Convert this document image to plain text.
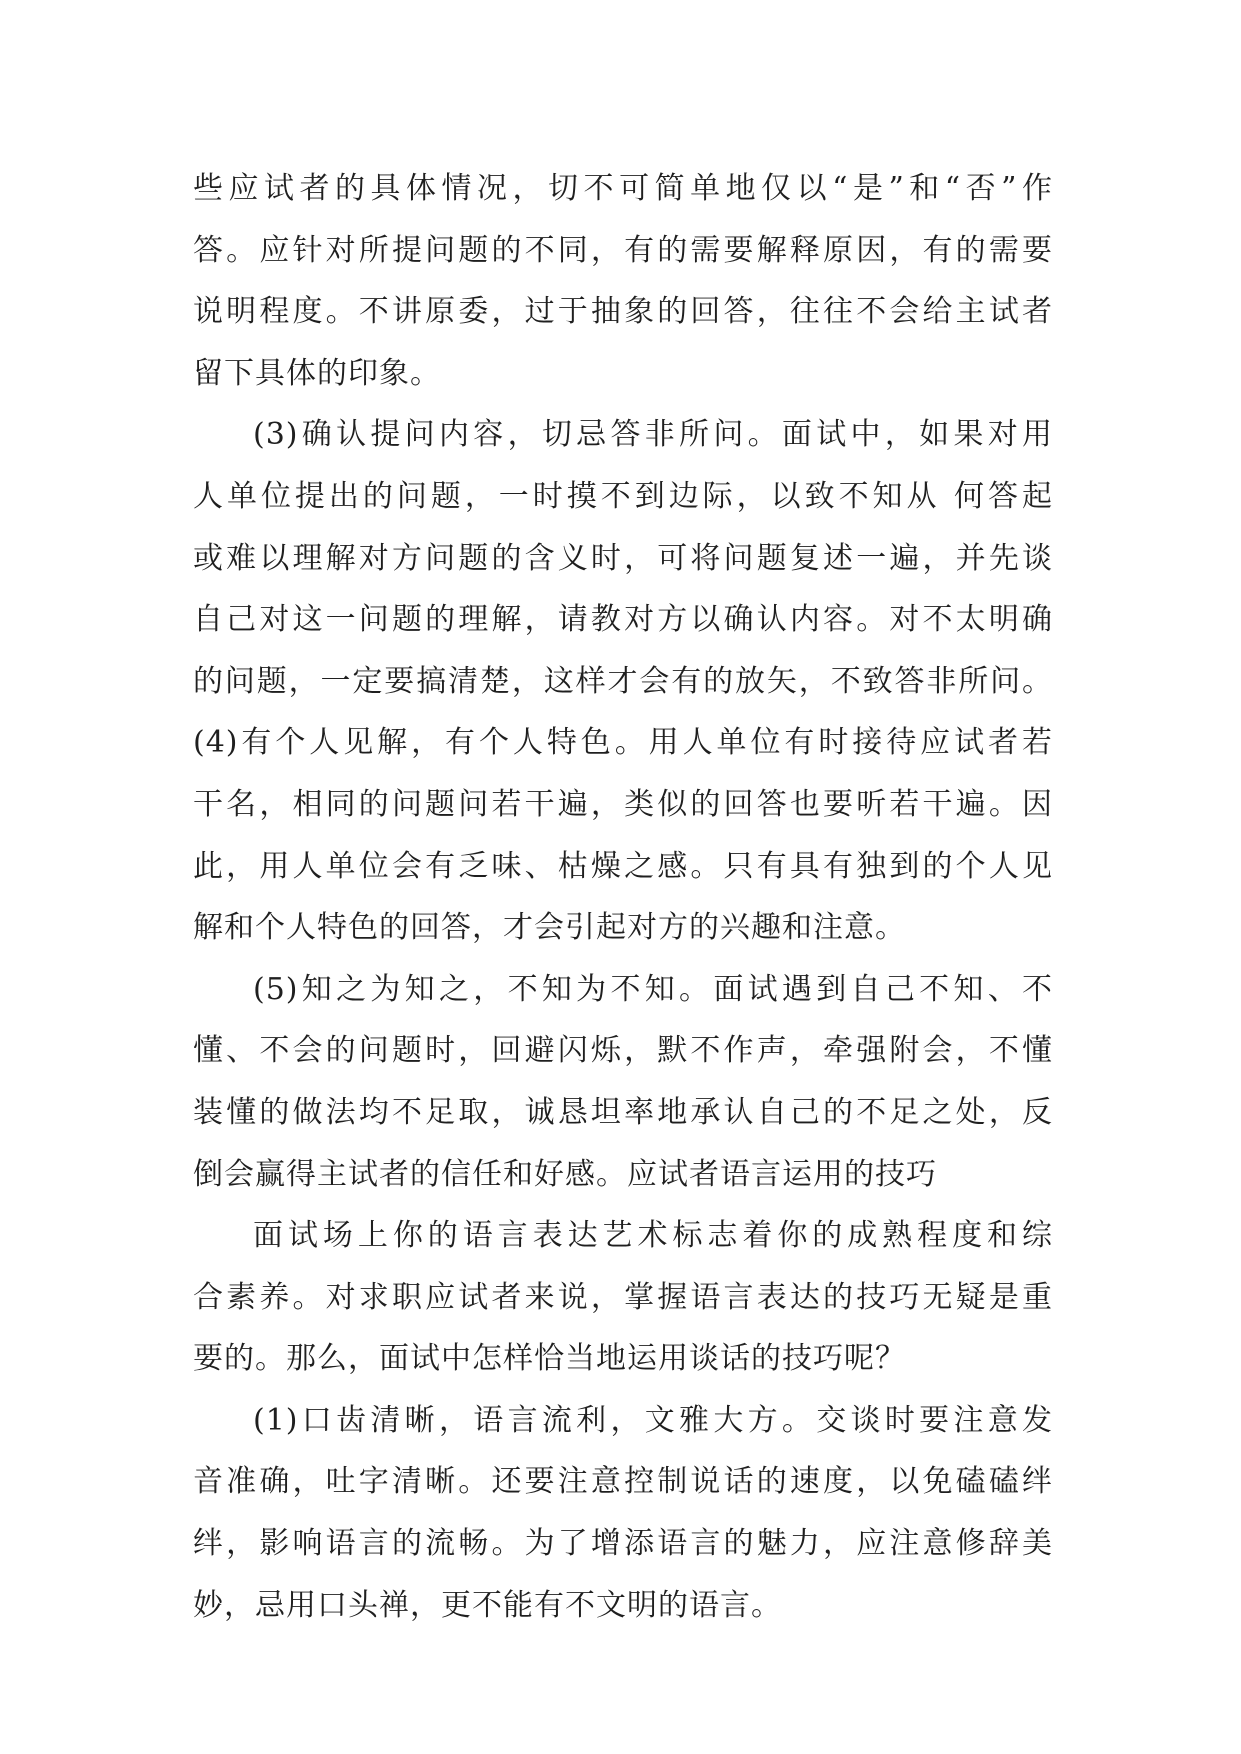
些应试者的具体情况，切不可简单地仅以“是”和“否”作
答。应针对所提问题的不同，有的需要解释原因，有的需要
说明程度。不讲原委，过于抽象的回答，往往不会给主试者
留下具体的印象。
(3)确认提问内容，切忌答非所问。面试中，如果对用
人单位提出的问题，一时摸不到边际，以致不知从 何答起
或难以理解对方问题的含义时，可将问题复述一遍，并先谈
自己对这一问题的理解，请教对方以确认内容。对不太明确
的问题，一定要搞清楚，这样才会有的放矢，不致答非所问。
(4)有个人见解，有个人特色。用人单位有时接待应试者若
干名，相同的问题问若干遍，类似的回答也要听若干遍。因
此，用人单位会有乏味、枯燥之感。只有具有独到的个人见
解和个人特色的回答，才会引起对方的兴趣和注意。
(5)知之为知之，不知为不知。面试遇到自己不知、不
懂、不会的问题时，回避闪烁，默不作声，牵强附会，不懂
装懂的做法均不足取，诚恳坦率地承认自己的不足之处，反
倒会赢得主试者的信任和好感。应试者语言运用的技巧
面试场上你的语言表达艺术标志着你的成熟程度和综
合素养。对求职应试者来说，掌握语言表达的技巧无疑是重
要的。那么，面试中怎样恰当地运用谈话的技巧呢？
(1)口齿清晰，语言流利，文雅大方。交谈时要注意发
音准确，吐字清晰。还要注意控制说话的速度，以免磕磕绊
绊，影响语言的流畅。为了增添语言的魅力，应注意修辞美
妙，忌用口头禅，更不能有不文明的语言。
